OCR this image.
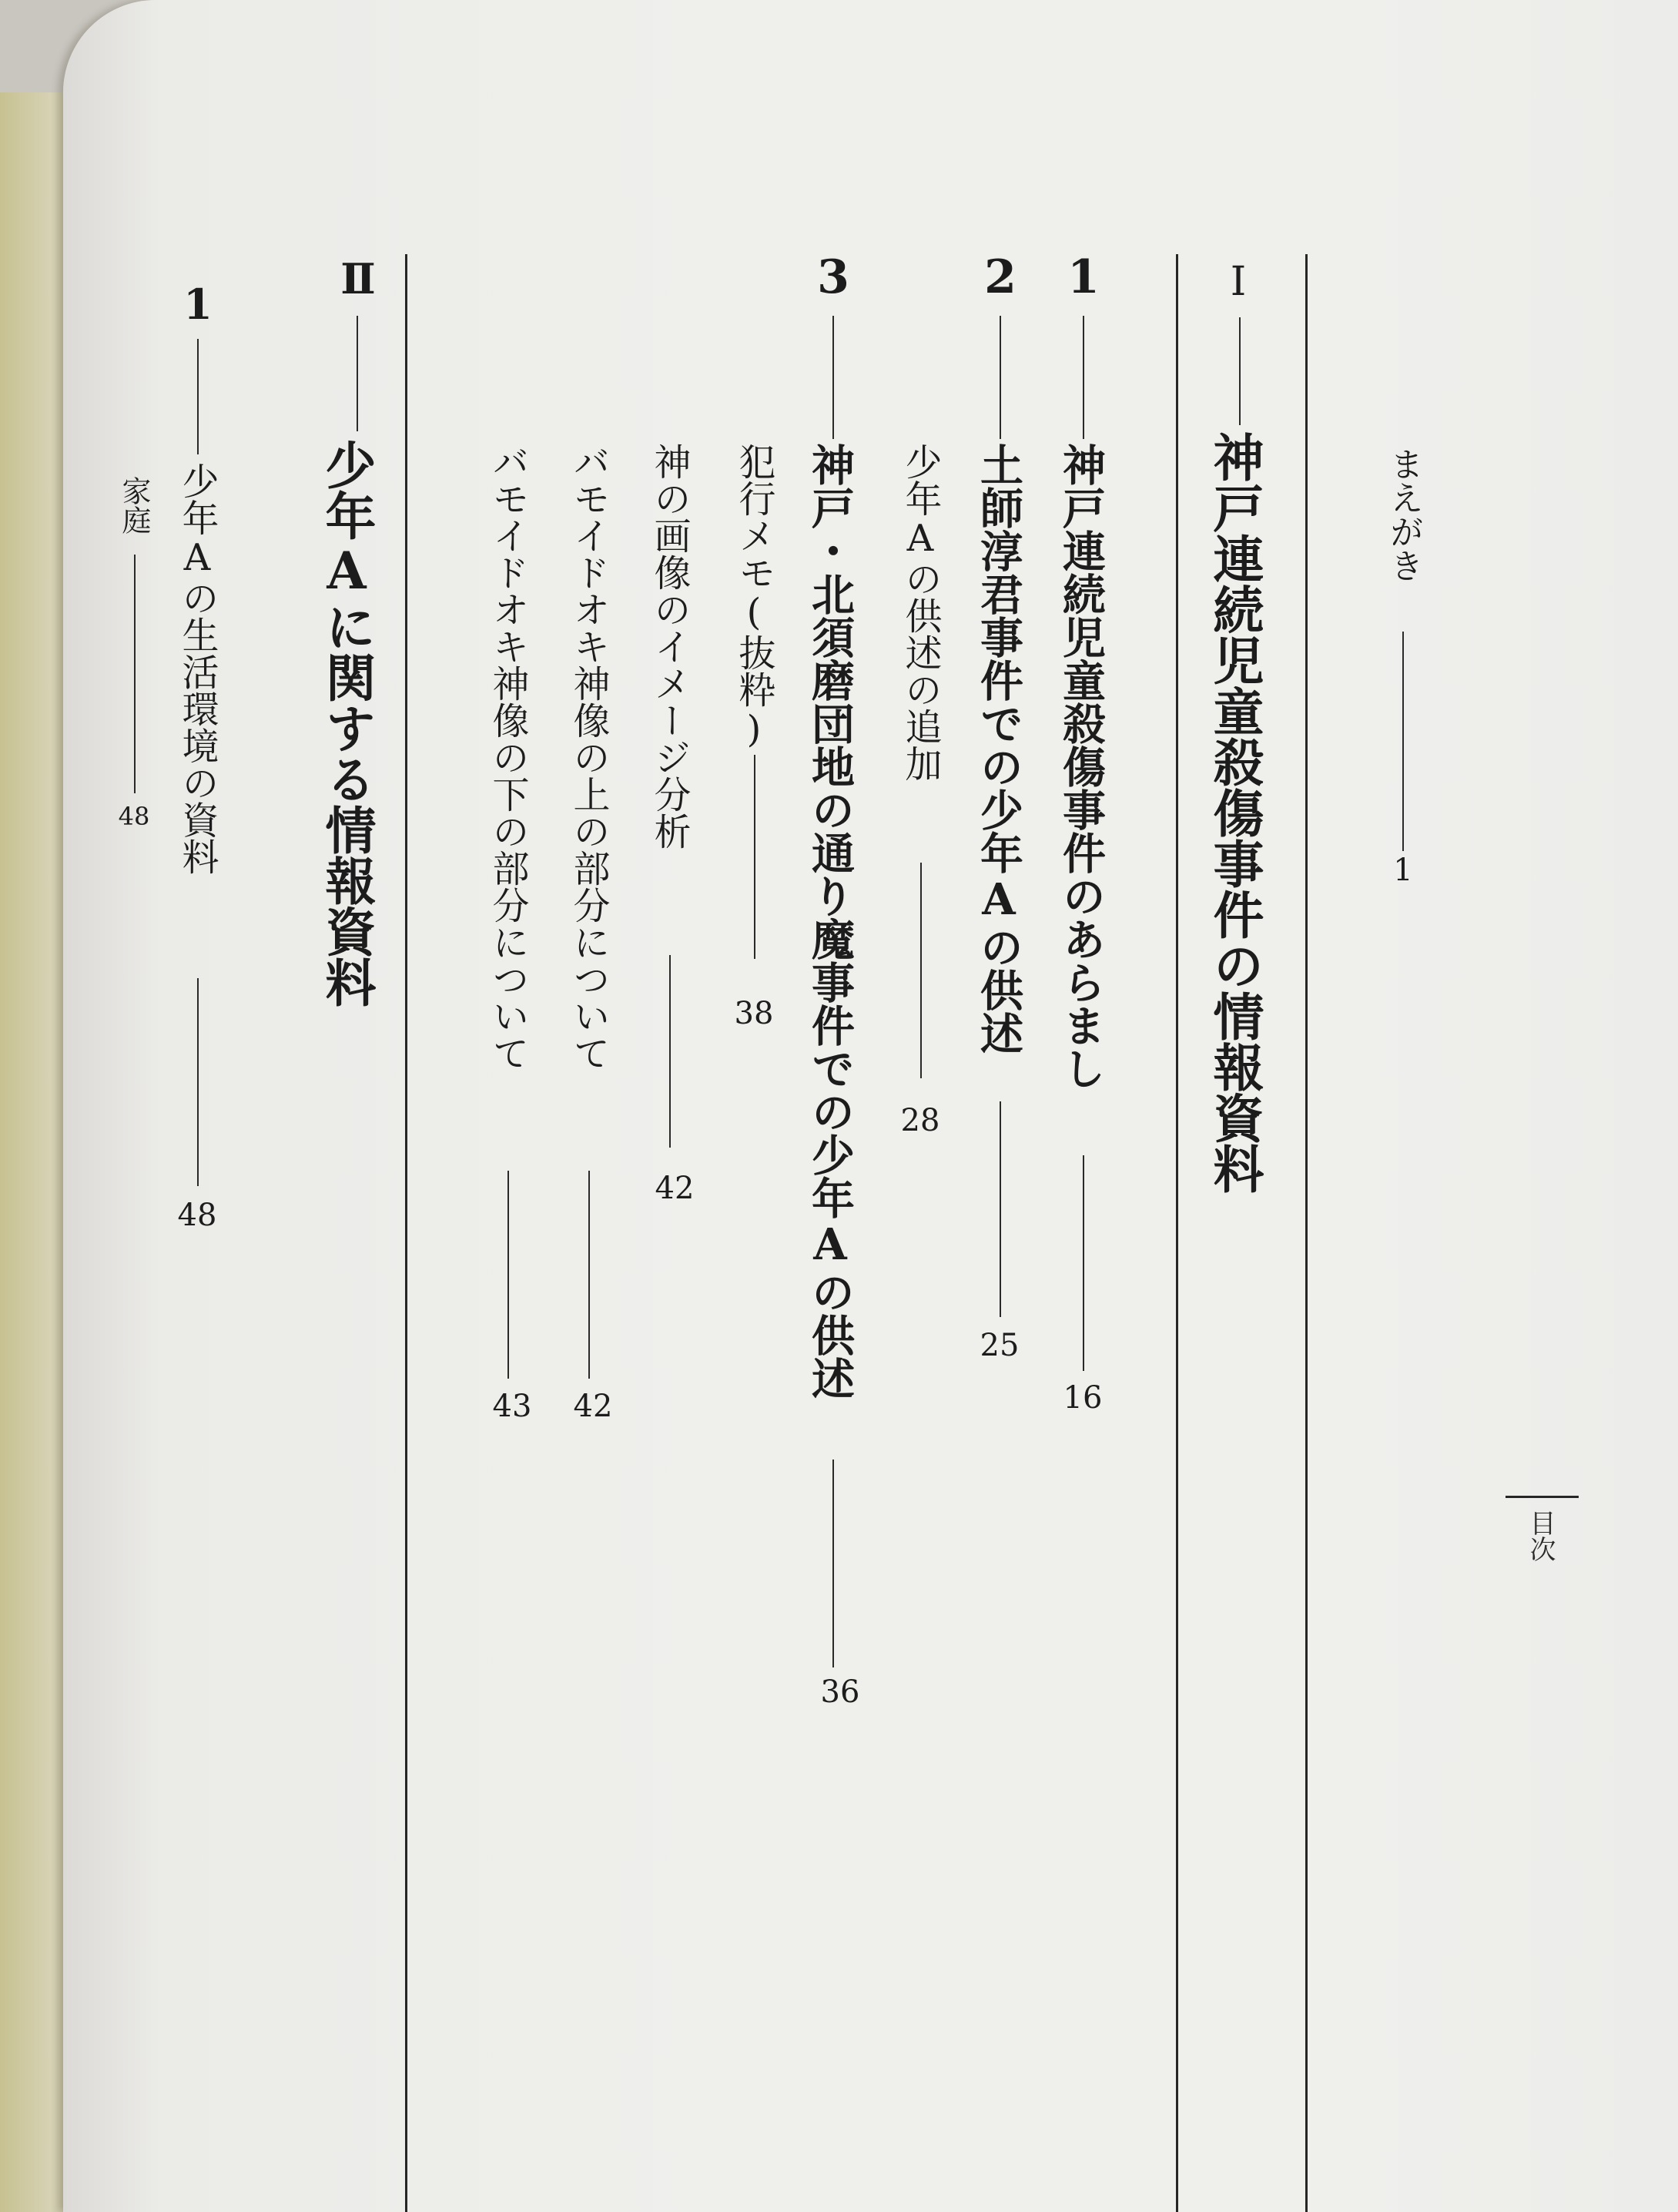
目次
まえがき
1
Ⅰ
神戸連続児童殺傷事件の情報資料
1
神戸連続児童殺傷事件のあらまし
16
2
土師淳君事件での少年Aの供述
25
少年Aの供述の追加
28
3
神戸・北須磨団地の通り魔事件での少年Aの供述
36
犯行メモ(抜粋)
38
神の画像のイメージ分析
42
バモイドオキ神像の上の部分について
42
バモイドオキ神像の下の部分について
43
Ⅱ
少年Aに関する情報資料
1
少年Aの生活環境の資料
48
家庭
48
